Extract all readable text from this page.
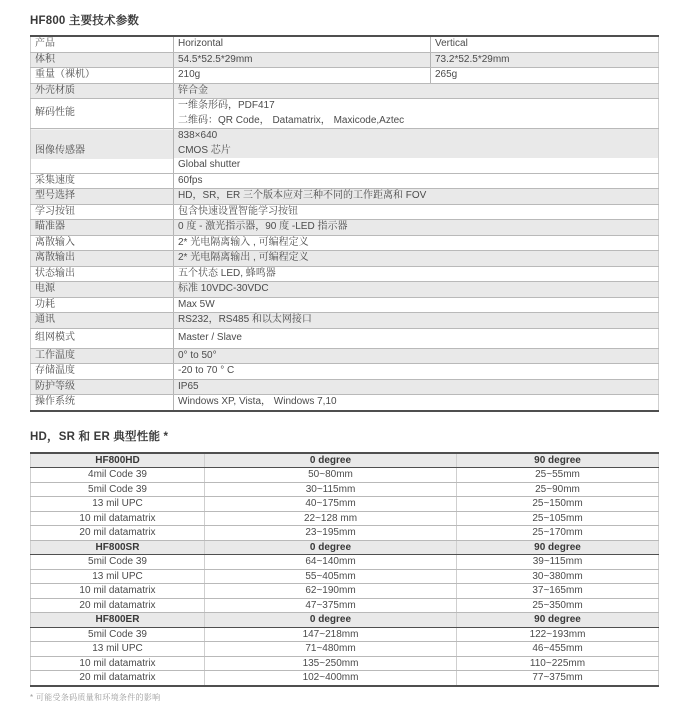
HF800 主要技术参数
产品	Horizontal	Vertical
体积	54.5*52.5*29mm	73.2*52.5*29mm
重量（裸机）	210g	265g
外壳材质	锌合金	
解码性能	一维条形码，PDF417	
	二维码：QR Code， Datamatrix， Maxicode,Aztec	
图像传感器	838×640	
	CMOS 芯片	
	Global shutter	
采集速度	60fps	
型号选择	HD，SR，ER 三个版本应对三种不同的工作距离和 FOV	
学习按钮	包含快速设置智能学习按钮	
瞄准器	0 度 - 激光指示器，90 度 -LED 指示器	
离散输入	2* 光电隔离输入 , 可编程定义	
离散输出	2* 光电隔离输出 , 可编程定义	
状态输出	五个状态 LED, 蜂鸣器	
电源	标准 10VDC-30VDC	
功耗	Max 5W	
通讯	RS232，RS485 和以太网接口	
组网模式	Master / Slave	
工作温度	0° to 50°	
存储温度	-20 to 70 ° C	
防护等级	IP65	
操作系统	Windows XP, Vista， Windows 7,10	
HD，SR 和 ER 典型性能 *
HF800HD	0 degree	90 degree
4mil Code 39	50~80mm	25~55mm
5mil Code 39	30~115mm	25~90mm
13 mil UPC	40~175mm	25~150mm
10 mil datamatrix	22~128 mm	25~105mm
20 mil datamatrix	23~195mm	25~170mm
HF800SR	0 degree	90 degree
5mil Code 39	64~140mm	39~115mm
13 mil UPC	55~405mm	30~380mm
10 mil datamatrix	62~190mm	37~165mm
20 mil datamatrix	47~375mm	25~350mm
HF800ER	0 degree	90 degree
5mil Code 39	147~218mm	122~193mm
13 mil UPC	71~480mm	46~455mm
10 mil datamatrix	135~250mm	110~225mm
20 mil datamatrix	102~400mm	77~375mm
* 可能受条码质量和环境条件的影响
